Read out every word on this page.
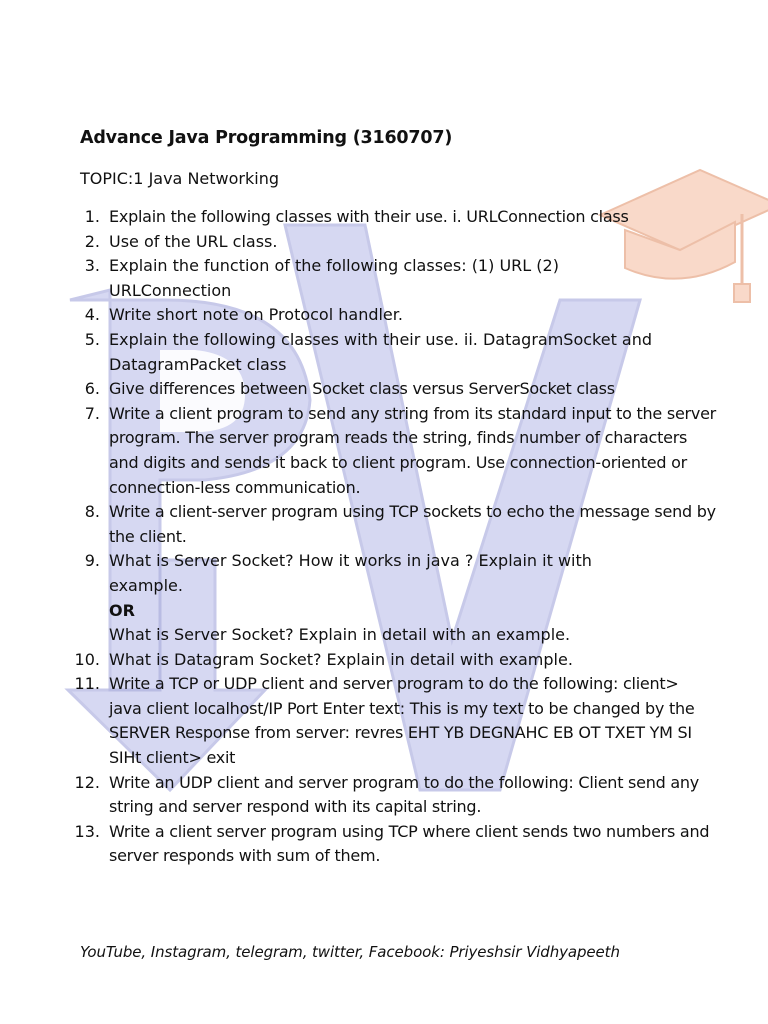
Advance Java Programming (3160707)
TOPIC:1 Java Networking
1. Explain the following classes with their use. i. URLConnection class
2. Use of the URL class.
3. Explain the function of the following classes: (1) URL (2) URLConnection
4. Write short note on Protocol handler.
5. Explain the following classes with their use. ii. DatagramSocket and DatagramPacket class
6. Give differences between Socket class versus ServerSocket class
7. Write a client program to send any string from its standard input to the server program. The server program reads the string, finds number of characters and digits and sends it back to client program. Use connection-oriented or connection-less communication.
8. Write a client-server program using TCP sockets to echo the message send by the client.
9. What is Server Socket? How it works in java ? Explain it with example.
OR
What is Server Socket? Explain in detail with an example.
10. What is Datagram Socket? Explain in detail with example.
11. Write a TCP or UDP client and server program to do the following: client> java client localhost/IP Port Enter text: This is my text to be changed by the SERVER Response from server: revres EHT YB DEGNAHC EB OT TXET YM SI SIHt client> exit
12. Write an UDP client and server program to do the following: Client send any string and server respond with its capital string.
13. Write a client server program using TCP where client sends two numbers and server responds with sum of them.
YouTube, Instagram, telegram, twitter, Facebook: Priyeshsir Vidhyapeeth
